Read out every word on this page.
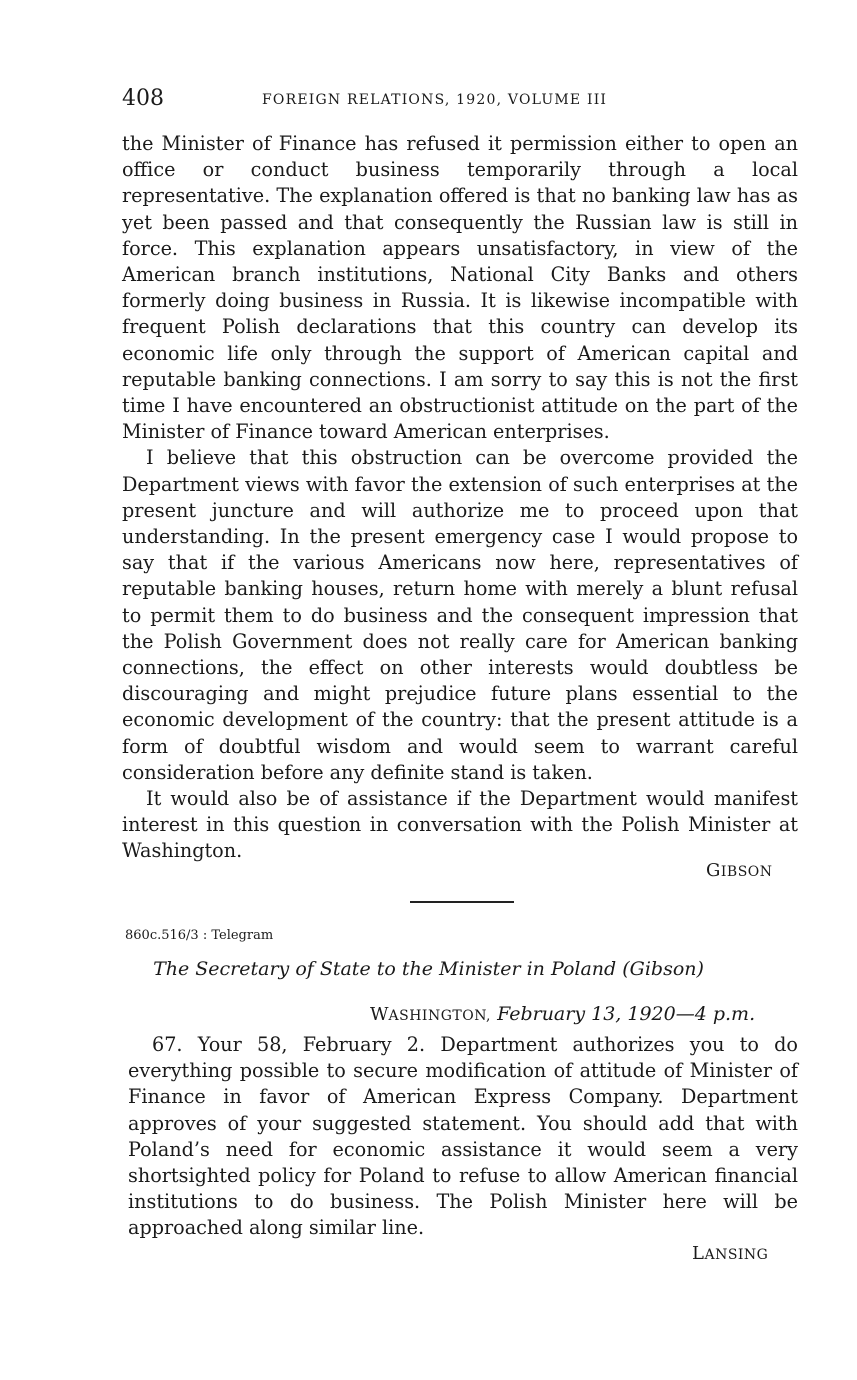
408	FOREIGN RELATIONS, 1920, VOLUME III

the Minister of Finance has refused it permission either to open an office or conduct business temporarily through a local representative. The explanation offered is that no banking law has as yet been passed and that consequently the Russian law is still in force. This explanation appears unsatisfactory, in view of the American branch institutions, National City Banks and others formerly doing business in Russia. It is likewise incompatible with frequent Polish declarations that this country can develop its economic life only through the support of American capital and reputable banking connections. I am sorry to say this is not the first time I have encountered an obstructionist attitude on the part of the Minister of Finance toward American enterprises.

I believe that this obstruction can be overcome provided the Department views with favor the extension of such enterprises at the present juncture and will authorize me to proceed upon that understanding. In the present emergency case I would propose to say that if the various Americans now here, representatives of reputable banking houses, return home with merely a blunt refusal to permit them to do business and the consequent impression that the Polish Government does not really care for American banking connections, the effect on other interests would doubtless be discouraging and might prejudice future plans essential to the economic development of the country: that the present attitude is a form of doubtful wisdom and would seem to warrant careful consideration before any definite stand is taken.

It would also be of assistance if the Department would manifest interest in this question in conversation with the Polish Minister at Washington.

GIBSON
860c.516/3 : Telegram
The Secretary of State to the Minister in Poland (Gibson)
WASHINGTON, February 13, 1920—4 p.m.

67. Your 58, February 2. Department authorizes you to do everything possible to secure modification of attitude of Minister of Finance in favor of American Express Company. Department approves of your suggested statement. You should add that with Poland’s need for economic assistance it would seem a very shortsighted policy for Poland to refuse to allow American financial institutions to do business. The Polish Minister here will be approached along similar line.

LANSING
